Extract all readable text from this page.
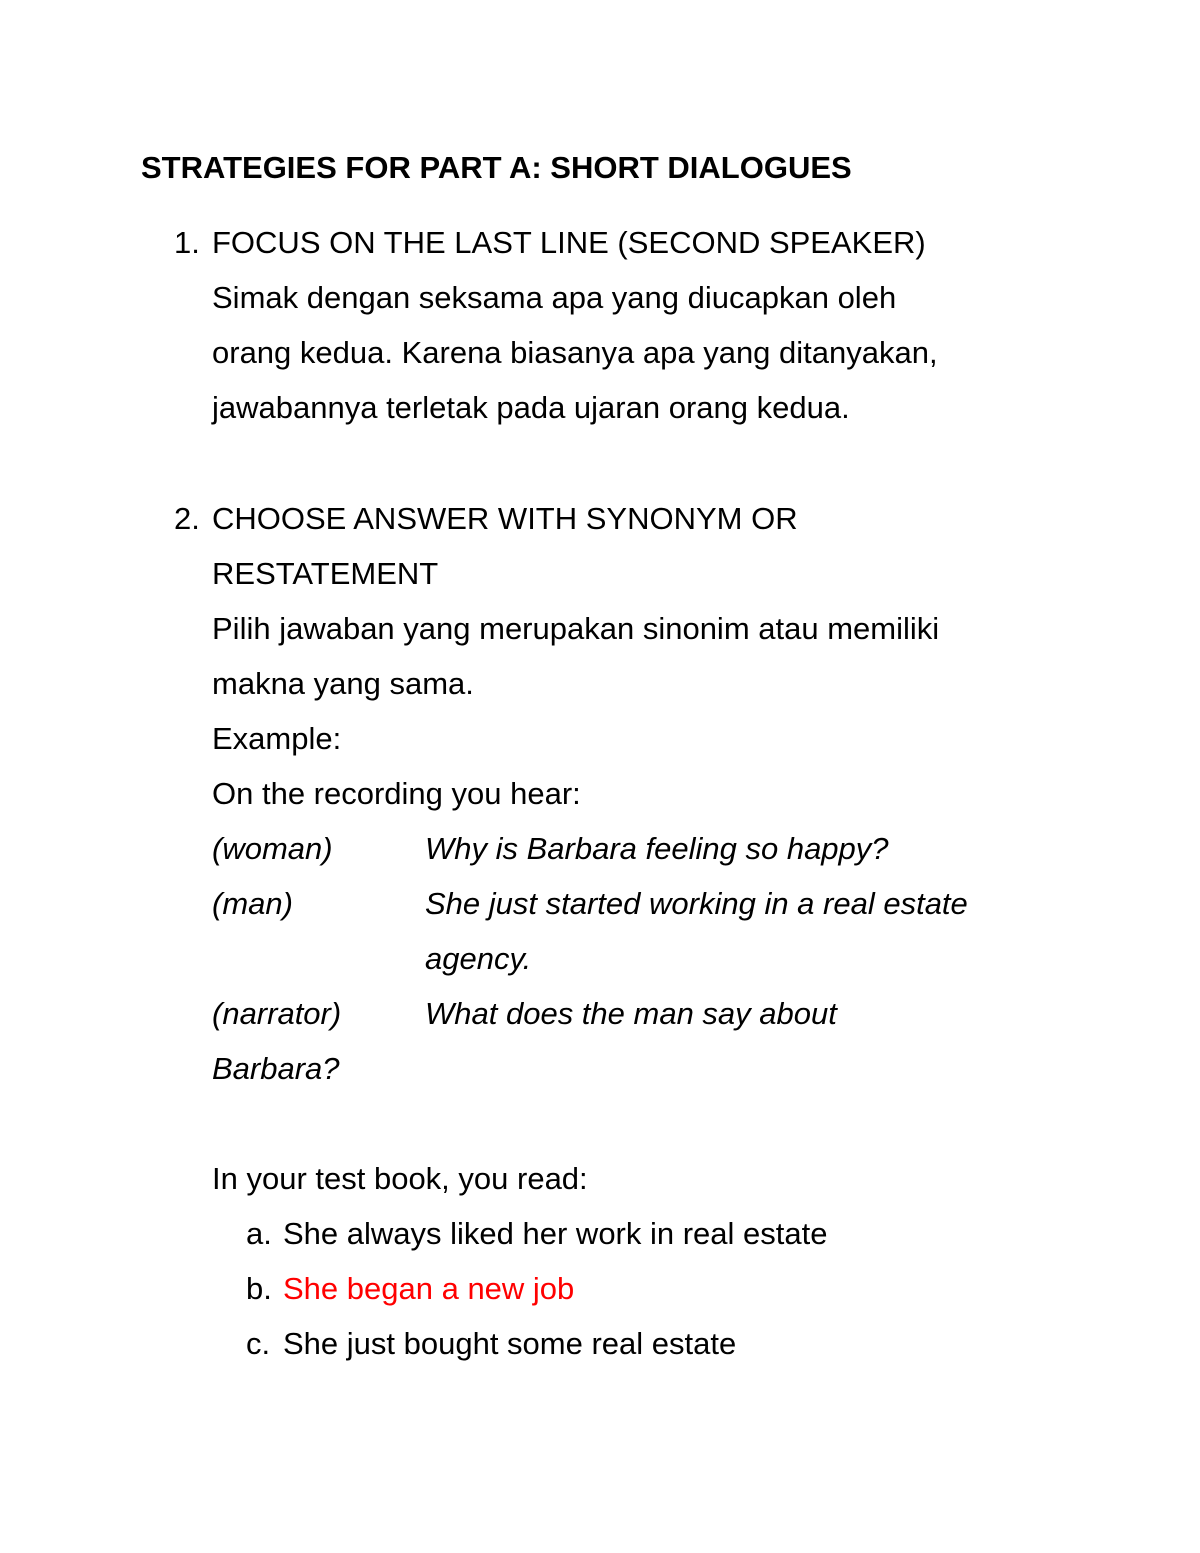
STRATEGIES FOR PART A: SHORT DIALOGUES
1. FOCUS ON THE LAST LINE (SECOND SPEAKER)
Simak dengan seksama apa yang diucapkan oleh
orang kedua. Karena biasanya apa yang ditanyakan,
jawabannya terletak pada ujaran orang kedua.
2. CHOOSE ANSWER WITH SYNONYM OR
RESTATEMENT
Pilih jawaban yang merupakan sinonim atau memiliki
makna yang sama.
Example:
On the recording you hear:
(woman)	Why is Barbara feeling so happy?
(man)	She just started working in a real estate
agency.
(narrator)	What does the man say about
Barbara?
In your test book, you read:
a. She always liked her work in real estate
b. She began a new job
c. She just bought some real estate
